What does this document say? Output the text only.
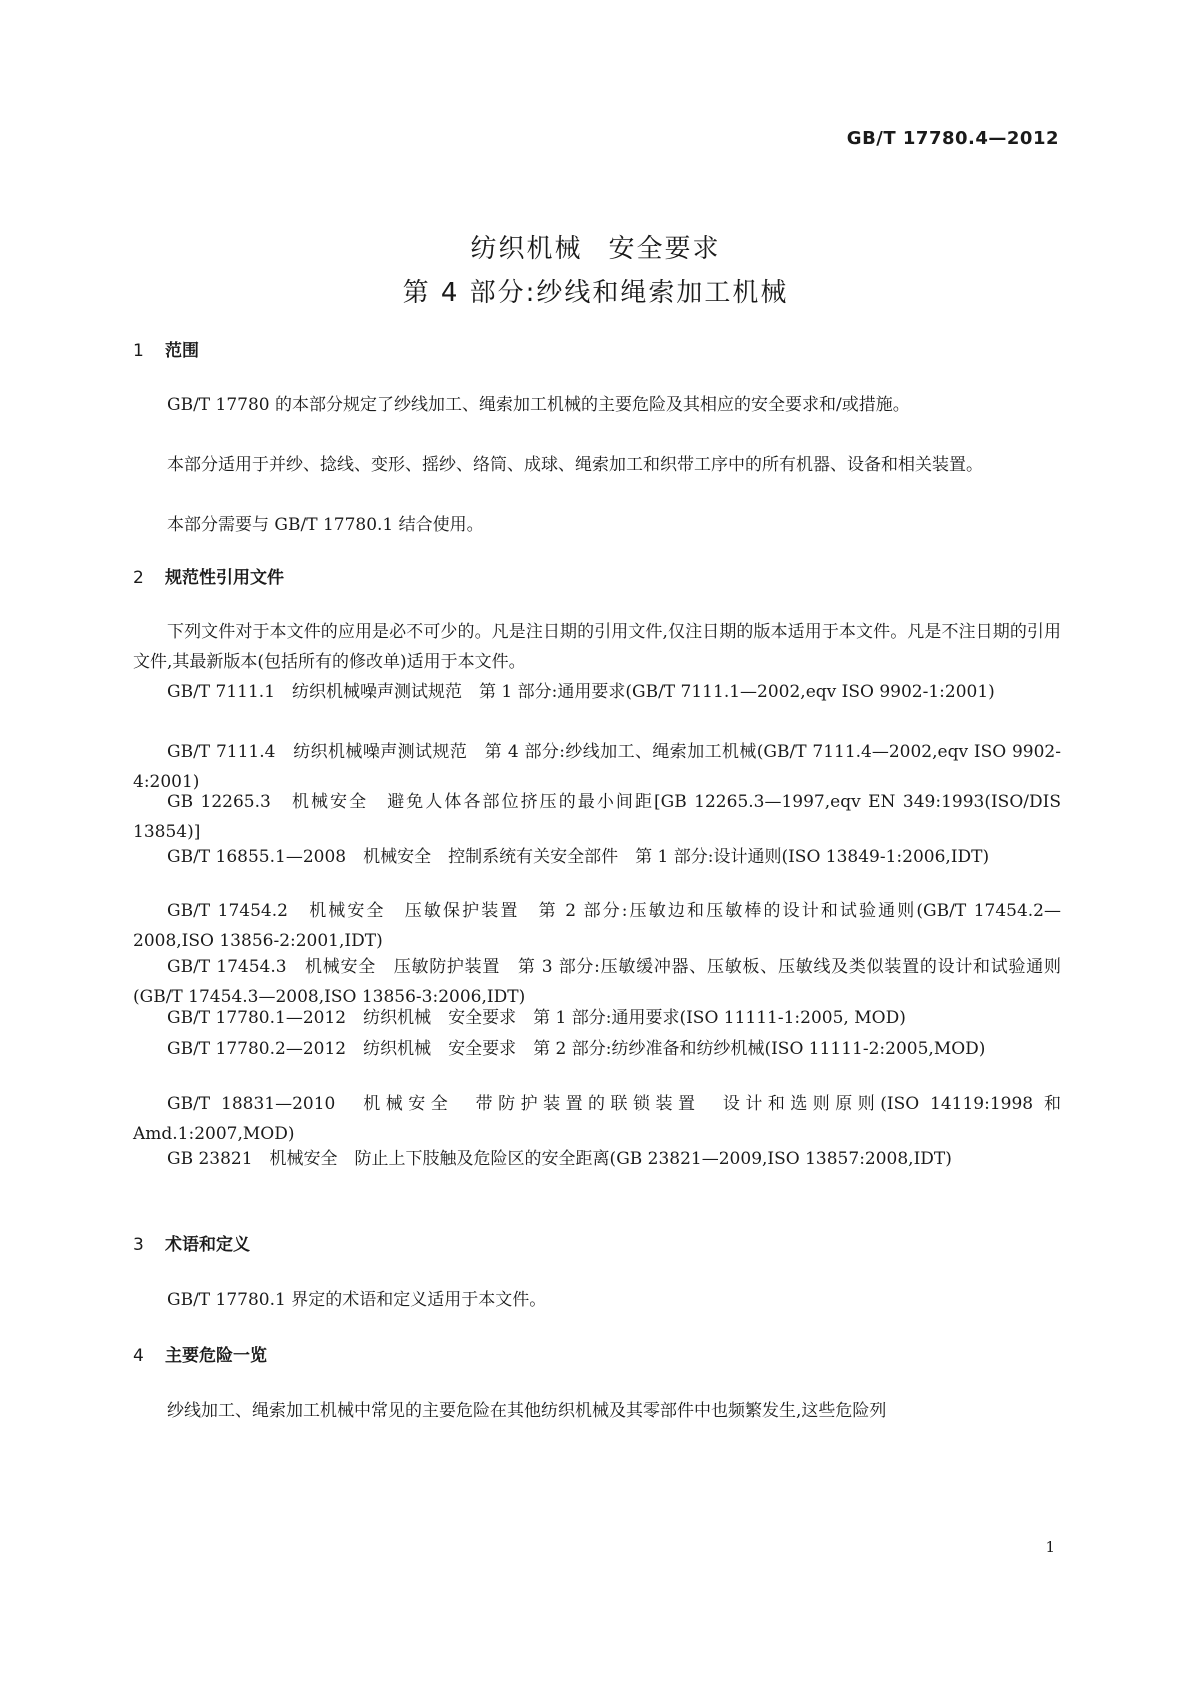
GB/T 17780.4—2012
纺织机械 安全要求
第 4 部分:纱线和绳索加工机械
1 范围
GB/T 17780 的本部分规定了纱线加工、绳索加工机械的主要危险及其相应的安全要求和/或措施。
本部分适用于并纱、捻线、变形、摇纱、络筒、成球、绳索加工和织带工序中的所有机器、设备和相关装置。
本部分需要与 GB/T 17780.1 结合使用。
2 规范性引用文件
下列文件对于本文件的应用是必不可少的。凡是注日期的引用文件,仅注日期的版本适用于本文件。凡是不注日期的引用文件,其最新版本(包括所有的修改单)适用于本文件。
GB/T 7111.1　纺织机械噪声测试规范　第 1 部分:通用要求(GB/T 7111.1—2002,eqv ISO 9902-1:2001)
GB/T 7111.4　纺织机械噪声测试规范　第 4 部分:纱线加工、绳索加工机械(GB/T 7111.4—2002,eqv ISO 9902-4:2001)
GB 12265.3　机械安全　避免人体各部位挤压的最小间距[GB 12265.3—1997,eqv EN 349:1993(ISO/DIS 13854)]
GB/T 16855.1—2008　机械安全　控制系统有关安全部件　第 1 部分:设计通则(ISO 13849-1:2006,IDT)
GB/T 17454.2　机械安全　压敏保护装置　第 2 部分:压敏边和压敏棒的设计和试验通则(GB/T 17454.2—2008,ISO 13856-2:2001,IDT)
GB/T 17454.3　机械安全　压敏防护装置　第 3 部分:压敏缓冲器、压敏板、压敏线及类似装置的设计和试验通则(GB/T 17454.3—2008,ISO 13856-3:2006,IDT)
GB/T 17780.1—2012　纺织机械　安全要求　第 1 部分:通用要求(ISO 11111-1:2005, MOD)
GB/T 17780.2—2012　纺织机械　安全要求　第 2 部分:纺纱准备和纺纱机械(ISO 11111-2:2005,MOD)
GB/T 18831—2010　机械安全　带防护装置的联锁装置　设计和选则原则(ISO 14119:1998 和 Amd.1:2007,MOD)
GB 23821　机械安全　防止上下肢触及危险区的安全距离(GB 23821—2009,ISO 13857:2008,IDT)
3 术语和定义
GB/T 17780.1 界定的术语和定义适用于本文件。
4 主要危险一览
纱线加工、绳索加工机械中常见的主要危险在其他纺织机械及其零部件中也频繁发生,这些危险列
1
